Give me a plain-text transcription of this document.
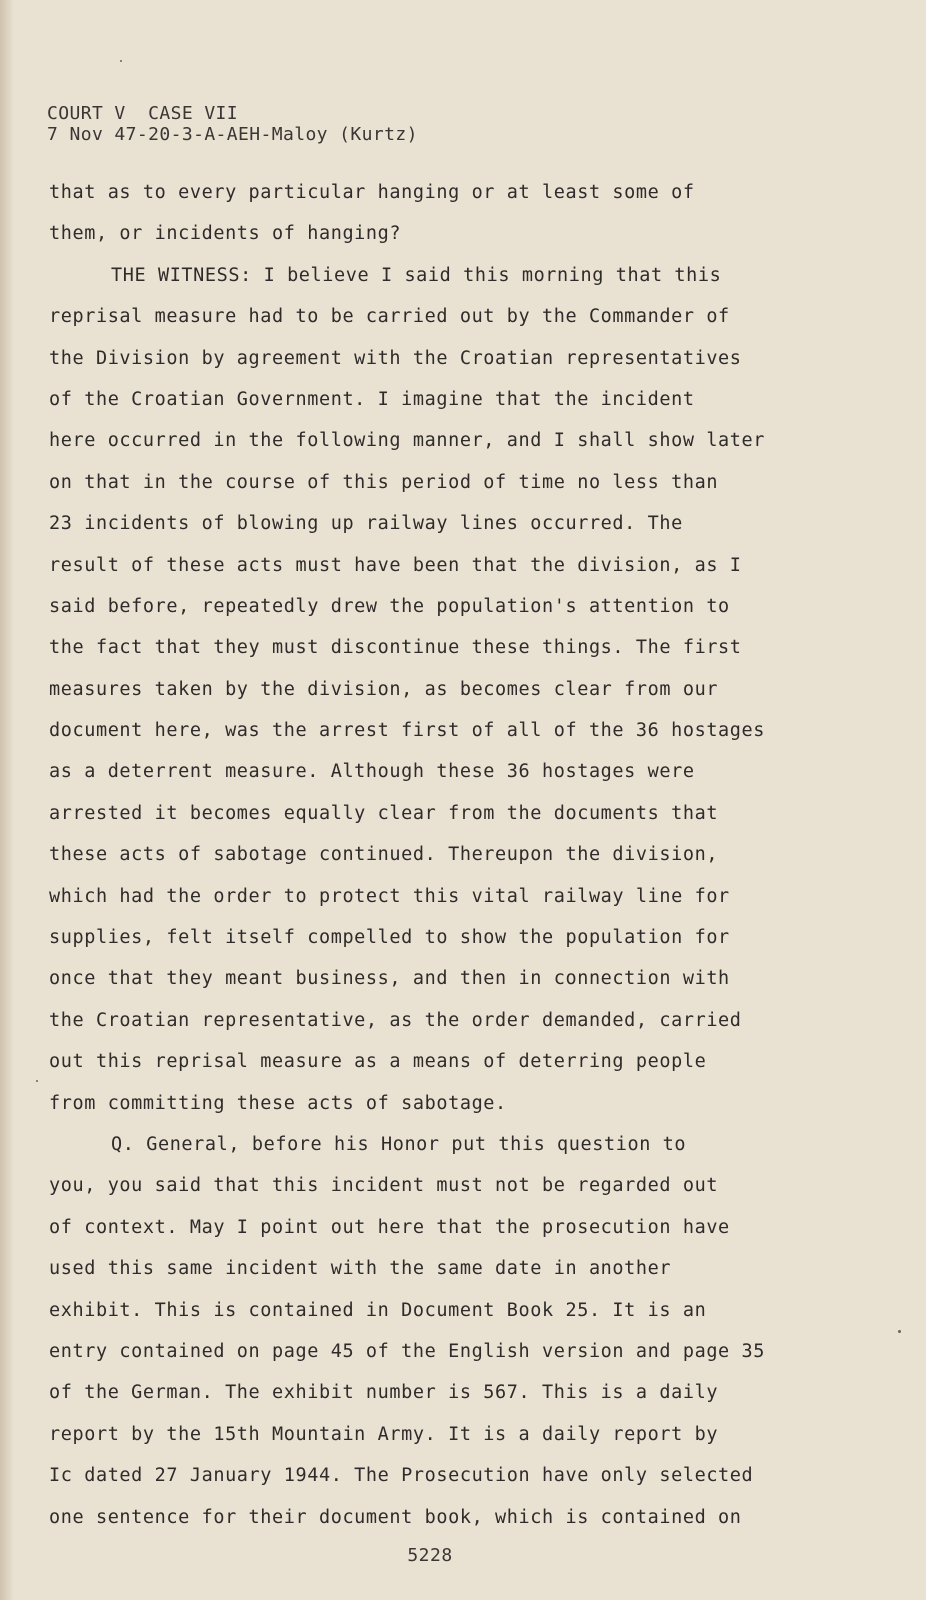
COURT V  CASE VII
7 Nov 47-20-3-A-AEH-Maloy (Kurtz)
that as to every particular hanging or at least some of
them, or incidents of hanging?
THE WITNESS: I believe I said this morning that this
reprisal measure had to be carried out by the Commander of
the Division by agreement with the Croatian representatives
of the Croatian Government. I imagine that the incident
here occurred in the following manner, and I shall show later
on that in the course of this period of time no less than
23 incidents of blowing up railway lines occurred. The
result of these acts must have been that the division, as I
said before, repeatedly drew the population's attention to
the fact that they must discontinue these things. The first
measures taken by the division, as becomes clear from our
document here, was the arrest first of all of the 36 hostages
as a deterrent measure. Although these 36 hostages were
arrested it becomes equally clear from the documents that
these acts of sabotage continued. Thereupon the division,
which had the order to protect this vital railway line for
supplies, felt itself compelled to show the population for
once that they meant business, and then in connection with
the Croatian representative, as the order demanded, carried
out this reprisal measure as a means of deterring people
from committing these acts of sabotage.
Q. General, before his Honor put this question to
you, you said that this incident must not be regarded out
of context. May I point out here that the prosecution have
used this same incident with the same date in another
exhibit. This is contained in Document Book 25. It is an
entry contained on page 45 of the English version and page 35
of the German. The exhibit number is 567. This is a daily
report by the 15th Mountain Army. It is a daily report by
Ic dated 27 January 1944. The Prosecution have only selected
one sentence for their document book, which is contained on
5228
